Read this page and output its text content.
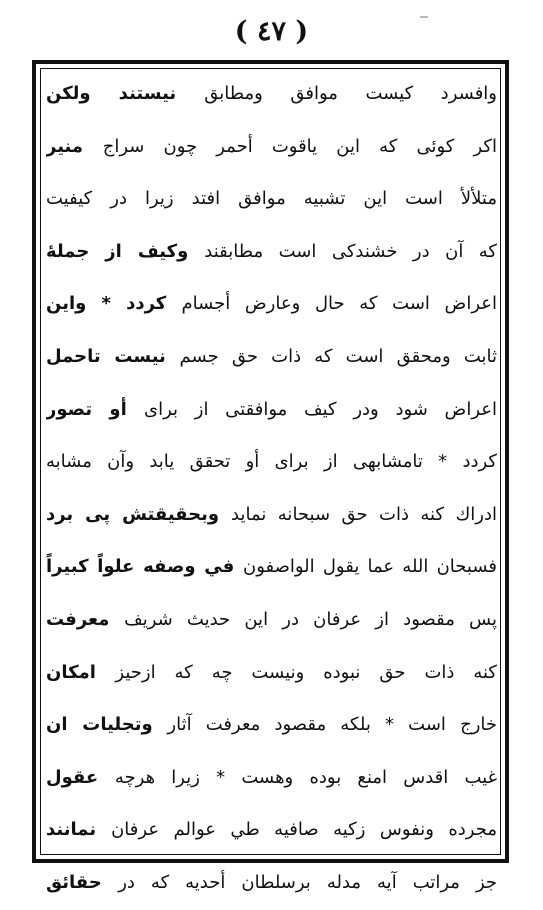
( ٤٧ )
وافسرد کیست موافق ومطابق نیستند ولکن
اکر کوئی که این یاقوت أحمر چون سراج منیر
متلألأ است این تشبیه موافق افتد زیرا در کیفیت
که آن در خشندکی است مطابقند وکیف از جملهٔ
اعراض است که حال وعارض أجسام کردد * واین
ثابت ومحقق است که ذات حق جسم نیست تاحمل
اعراض شود ودر کیف موافقتی از برای أو تصور
کردد * تامشابهی از برای أو تحقق یابد وآن مشابه
ادراك کنه ذات حق سبحانه نماید وبحقیقتش پی برد
فسبحان الله عما یقول الواصفون في وصفه علواً کبیراً
پس مقصود از عرفان در این حدیث شریف معرفت
کنه ذات حق نبوده ونیست چه که ازحیز امکان
خارج است * بلکه مقصود معرفت آثار وتجلیات ان
غیب اقدس امنع بوده وهست * زیرا هرچه عقول
مجرده ونفوس زکیه صافیه طي عوالم عرفان نمانند
جز مراتب آیه مدله برسلطان أحدیه که در حقائق
